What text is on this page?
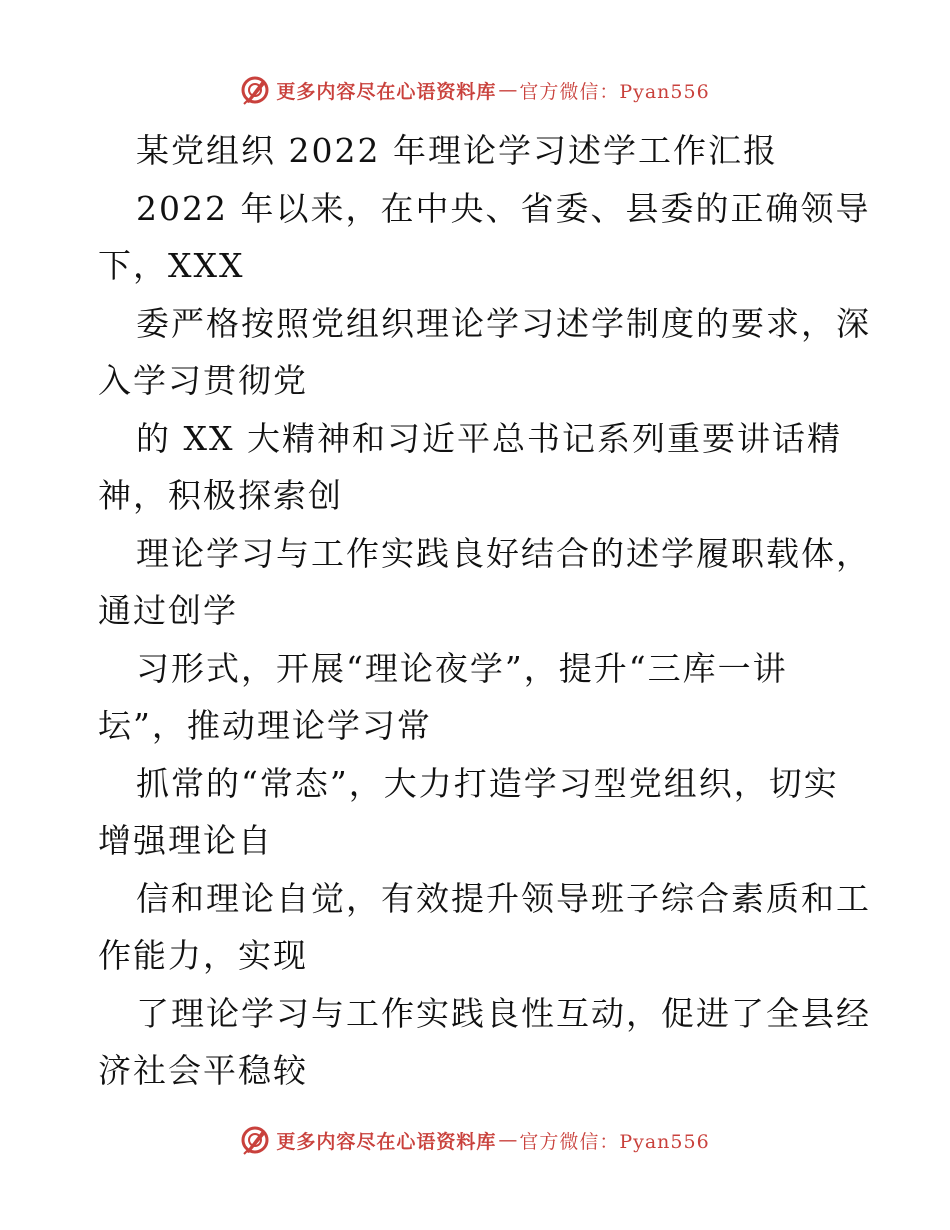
更多内容尽在心语资料库 — 官方微信：Pyan556

某党组织 2022 年理论学习述学工作汇报

2022 年以来，在中央、省委、县委的正确领导

下，XXX

委严格按照党组织理论学习述学制度的要求，深

入学习贯彻党

的 XX 大精神和习近平总书记系列重要讲话精

神，积极探索创

理论学习与工作实践良好结合的述学履职载体，

通过创学

习形式，开展“理论夜学”，提升“三库一讲

坛”，推动理论学习常

抓常的“常态”，大力打造学习型党组织，切实

增强理论自

信和理论自觉，有效提升领导班子综合素质和工

作能力，实现

了理论学习与工作实践良性互动，促进了全县经

济社会平稳较

更多内容尽在心语资料库 — 官方微信：Pyan556
